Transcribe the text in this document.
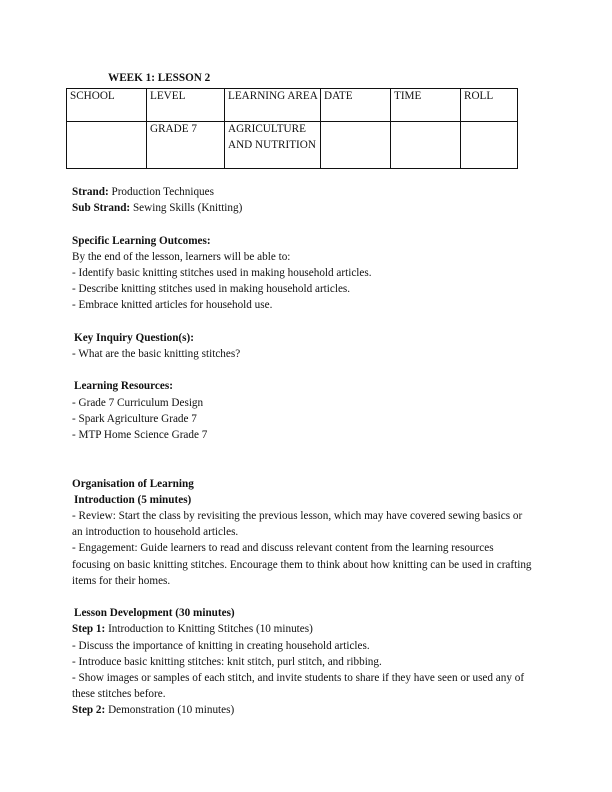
WEEK 1: LESSON 2
SCHOOL	LEVEL	LEARNING AREA	DATE	TIME	ROLL
	GRADE 7	AGRICULTURE AND NUTRITION			

Strand: Production Techniques

Sub Strand: Sewing Skills (Knitting)

Specific Learning Outcomes:

By the end of the lesson, learners will be able to:

- Identify basic knitting stitches used in making household articles.

- Describe knitting stitches used in making household articles.

- Embrace knitted articles for household use.

Key Inquiry Question(s):

- What are the basic knitting stitches?

Learning Resources:

- Grade 7 Curriculum Design

- Spark Agriculture Grade 7

- MTP Home Science Grade 7

Organisation of Learning

Introduction (5 minutes)

- Review: Start the class by revisiting the previous lesson, which may have covered sewing basics or an introduction to household articles.

- Engagement: Guide learners to read and discuss relevant content from the learning resources focusing on basic knitting stitches. Encourage them to think about how knitting can be used in crafting items for their homes.

Lesson Development (30 minutes)

Step 1: Introduction to Knitting Stitches (10 minutes)

- Discuss the importance of knitting in creating household articles.

- Introduce basic knitting stitches: knit stitch, purl stitch, and ribbing.

- Show images or samples of each stitch, and invite students to share if they have seen or used any of these stitches before.

Step 2: Demonstration (10 minutes)
